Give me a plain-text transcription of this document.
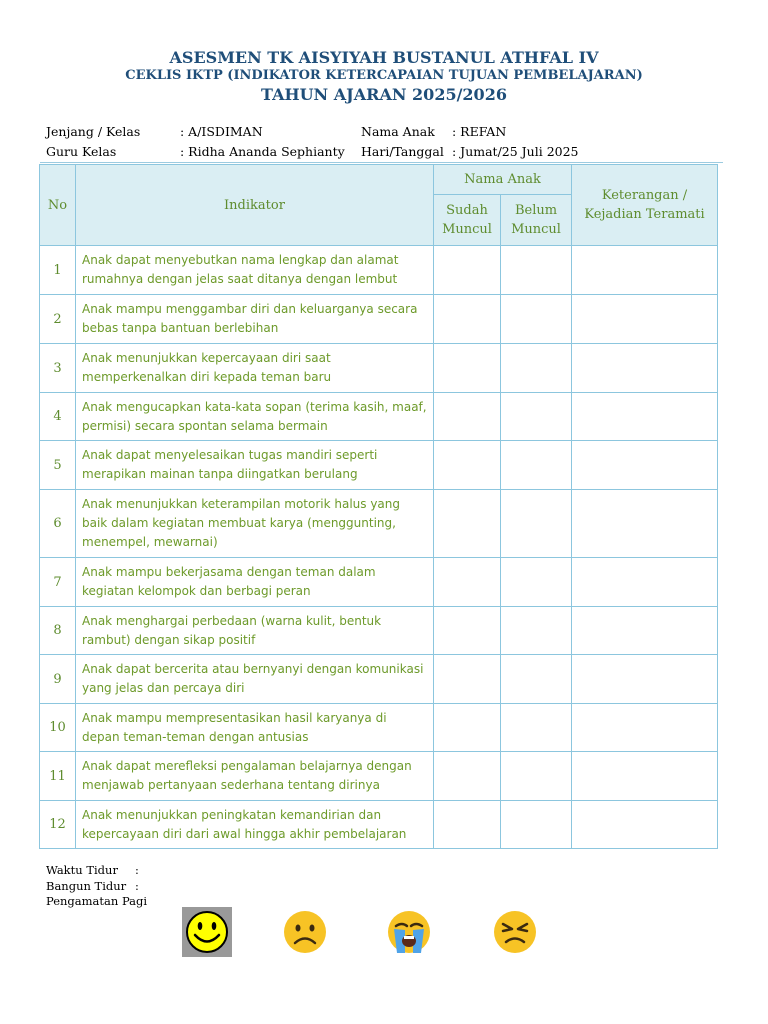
ASESMEN TK AISYIYAH BUSTANUL ATHFAL IV
CEKLIS IKTP (INDIKATOR KETERCAPAIAN TUJUAN PEMBELAJARAN)
TAHUN AJARAN 2025/2026
Jenjang / Kelas	: A/ISDIMAN
Guru Kelas	: Ridha Ananda Sephianty
Nama Anak : REFAN
Hari/Tanggal : Jumat/25 Juli 2025
No	Indikator	Nama Anak		Keterangan / Kejadian Teramati
		Sudah Muncul	Belum Muncul	
1	Anak dapat menyebutkan nama lengkap dan alamat rumahnya dengan jelas saat ditanya dengan lembut			
2	Anak mampu menggambar diri dan keluarganya secara bebas tanpa bantuan berlebihan			
3	Anak menunjukkan kepercayaan diri saat memperkenalkan diri kepada teman baru			
4	Anak mengucapkan kata-kata sopan (terima kasih, maaf, permisi) secara spontan selama bermain			
5	Anak dapat menyelesaikan tugas mandiri seperti merapikan mainan tanpa diingatkan berulang			
6	Anak menunjukkan keterampilan motorik halus yang baik dalam kegiatan membuat karya (menggunting, menempel, mewarnai)			
7	Anak mampu bekerjasama dengan teman dalam kegiatan kelompok dan berbagi peran			
8	Anak menghargai perbedaan (warna kulit, bentuk rambut) dengan sikap positif			
9	Anak dapat bercerita atau bernyanyi dengan komunikasi yang jelas dan percaya diri			
10	Anak mampu mempresentasikan hasil karyanya di depan teman-teman dengan antusias			
11	Anak dapat merefleksi pengalaman belajarnya dengan menjawab pertanyaan sederhana tentang dirinya			
12	Anak menunjukkan peningkatan kemandirian dan kepercayaan diri dari awal hingga akhir pembelajaran			
Waktu Tidur :
Bangun Tidur :
Pengamatan Pagi
